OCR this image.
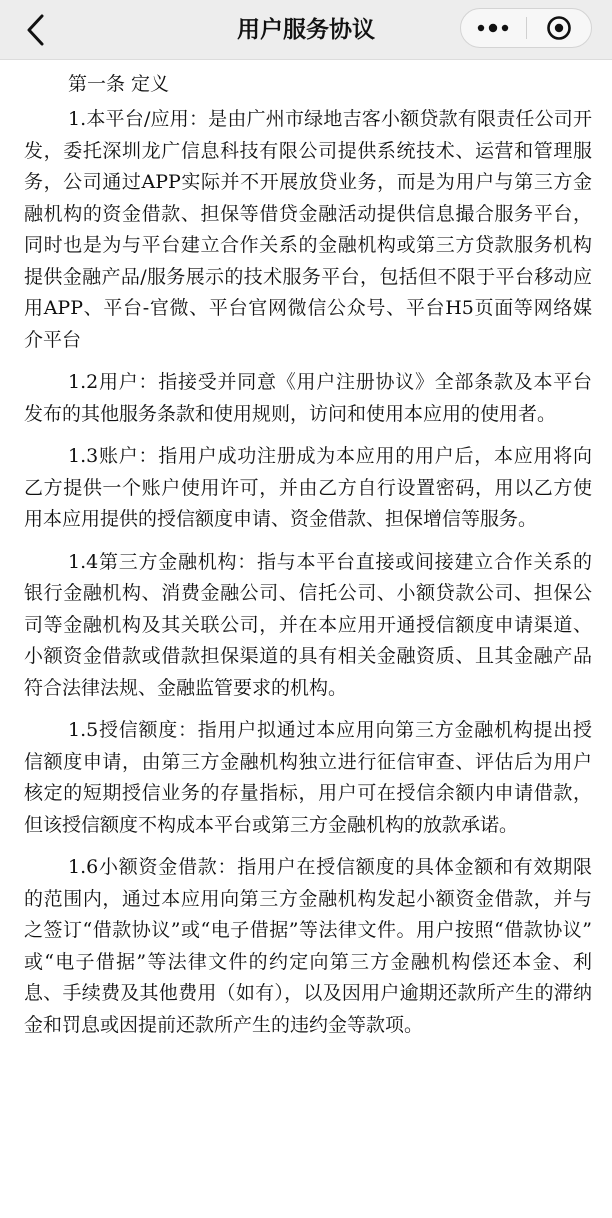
用户服务协议

第一条 定义

1.本平台/应用：是由广州市绿地吉客小额贷款有限责任公司开发，委托深圳龙广信息科技有限公司提供系统技术、运营和管理服务，公司通过APP实际并不开展放贷业务，而是为用户与第三方金融机构的资金借款、担保等借贷金融活动提供信息撮合服务平台，同时也是为与平台建立合作关系的金融机构或第三方贷款服务机构提供金融产品/服务展示的技术服务平台，包括但不限于平台移动应用APP、平台-官微、平台官网微信公众号、平台H5页面等网络媒介平台

1.2用户：指接受并同意《用户注册协议》全部条款及本平台发布的其他服务条款和使用规则，访问和使用本应用的使用者。

1.3账户：指用户成功注册成为本应用的用户后，本应用将向乙方提供一个账户使用许可，并由乙方自行设置密码，用以乙方使用本应用提供的授信额度申请、资金借款、担保增信等服务。

1.4第三方金融机构：指与本平台直接或间接建立合作关系的银行金融机构、消费金融公司、信托公司、小额贷款公司、担保公司等金融机构及其关联公司，并在本应用开通授信额度申请渠道、小额资金借款或借款担保渠道的具有相关金融资质、且其金融产品符合法律法规、金融监管要求的机构。

1.5授信额度：指用户拟通过本应用向第三方金融机构提出授信额度申请，由第三方金融机构独立进行征信审查、评估后为用户核定的短期授信业务的存量指标，用户可在授信余额内申请借款，但该授信额度不构成本平台或第三方金融机构的放款承诺。

1.6小额资金借款：指用户在授信额度的具体金额和有效期限的范围内，通过本应用向第三方金融机构发起小额资金借款，并与之签订“借款协议”或“电子借据”等法律文件。用户按照“借款协议” 或“电子借据”等法律文件的约定向第三方金融机构偿还本金、利息、手续费及其他费用（如有），以及因用户逾期还款所产生的滞纳金和罚息或因提前还款所产生的违约金等款项。
